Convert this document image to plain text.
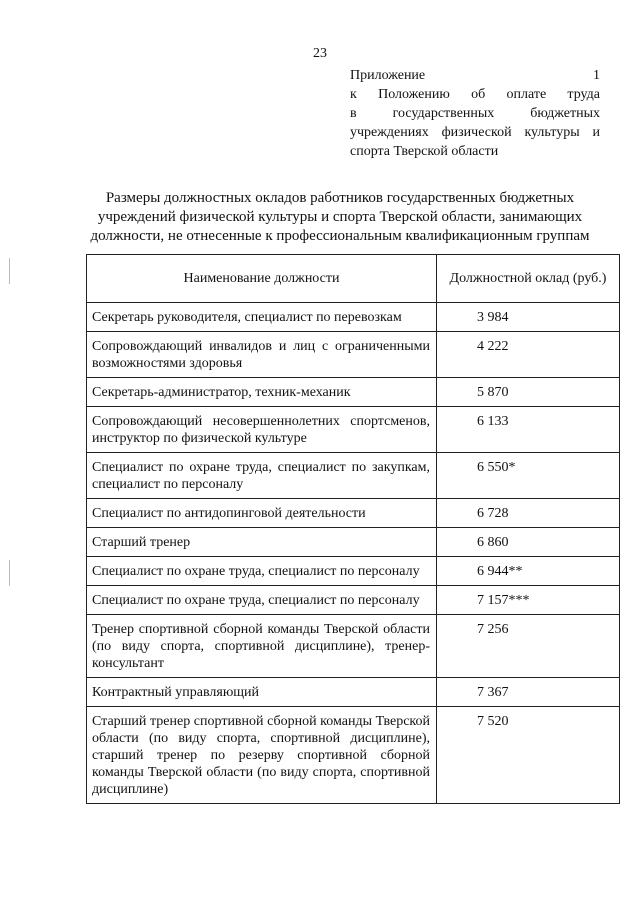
23
Приложение 1
к Положению об оплате труда
в государственных бюджетных
учреждениях физической культуры и
спорта Тверской области
Размеры должностных окладов работников государственных бюджетных учреждений физической культуры и спорта Тверской области, занимающих должности, не отнесенные к профессиональным квалификационным группам
Наименование должности	Должностной оклад (руб.)
Секретарь руководителя, специалист по перевозкам	3 984
Сопровождающий инвалидов и лиц с ограниченными возможностями здоровья	4 222
Секретарь-администратор, техник-механик	5 870
Сопровождающий несовершеннолетних спортсменов, инструктор по физической культуре	6 133
Специалист по охране труда, специалист по закупкам, специалист по персоналу	6 550*
Специалист по антидопинговой деятельности	6 728
Старший тренер	6 860
Специалист по охране труда, специалист по персоналу	6 944**
Специалист по охране труда, специалист по персоналу	7 157***
Тренер спортивной сборной команды Тверской области (по виду спорта, спортивной дисциплине), тренер-консультант	7 256
Контрактный управляющий	7 367
Старший тренер спортивной сборной команды Тверской области (по виду спорта, спортивной дисциплине), старший тренер по резерву спортивной сборной команды Тверской области (по виду спорта, спортивной дисциплине)	7 520
